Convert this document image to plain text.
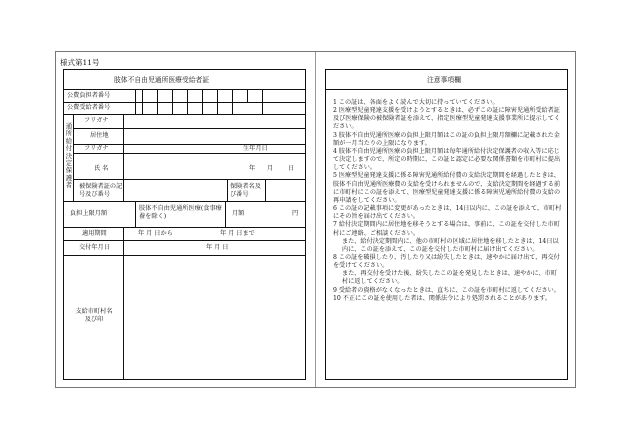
様式第11号
肢体不自由児通所医療受給者証
公費負担者番号
公費受給者番号
通所給付決定保護者
フリガナ
居住地
フリガナ	生年月日
氏 名	年 月 日
被保険者証の記号及び番号
保険者名及び番号
負担上限月額
肢体不自由児通所医療(食事療養を除く)	月額	円
適用期間	年 月 日から	年 月 日まで
交付年月日	年 月 日
支給市町村名及び印
注意事項欄

1 この証は、各面をよく読んで大切に持っていてください。

2 医療型児童発達支援を受けようとするときは、必ずこの証に障害児通所受給者証及び医療保険の被保険者証を添えて、指定医療型児童発達支援事業所に提示してください。

3 肢体不自由児通所医療の負担上限月額はこの証の負担上限月額欄に記載された金額が一月当たりの上限になります。

4 肢体不自由児通所医療の負担上限月額は毎年通所給付決定保護者の収入等に応じて決定しますので、所定の時期に、この証と認定に必要な関係書類を市町村に提出してください。

5 医療型児童発達支援に係る障害児通所給付費の支給決定期間を経過したときは、肢体不自由児通所医療費の支給を受けられませんので、支給決定期間を経過する前に市町村にこの証を添えて、医療型児童発達支援に係る障害児通所給付費の支給の再申請をしてください。

6 この証の記載事項に変更があったときは、14日以内に、この証を添えて、市町村にその旨を届け出てください。

7 給付決定期間内に居住地を移そうとする場合は、事前に、この証を交付した市町村にご連絡、ご相談ください。

また、給付決定期間内に、他の市町村の区域に居住地を移したときは、14日以内に、この証を添えて、この証を交付した市町村に届け出てください。

8 この証を破損したり、汚したり又は紛失したときは、速やかに届け出て、再交付を受けてください。

また、再交付を受けた後、紛失したこの証を発見したときは、速やかに、市町村に返してください。

9 受給者の資格がなくなったときは、直ちに、この証を市町村に返してください。

10 不正にこの証を使用した者は、関係法令により処罰されることがあります。
